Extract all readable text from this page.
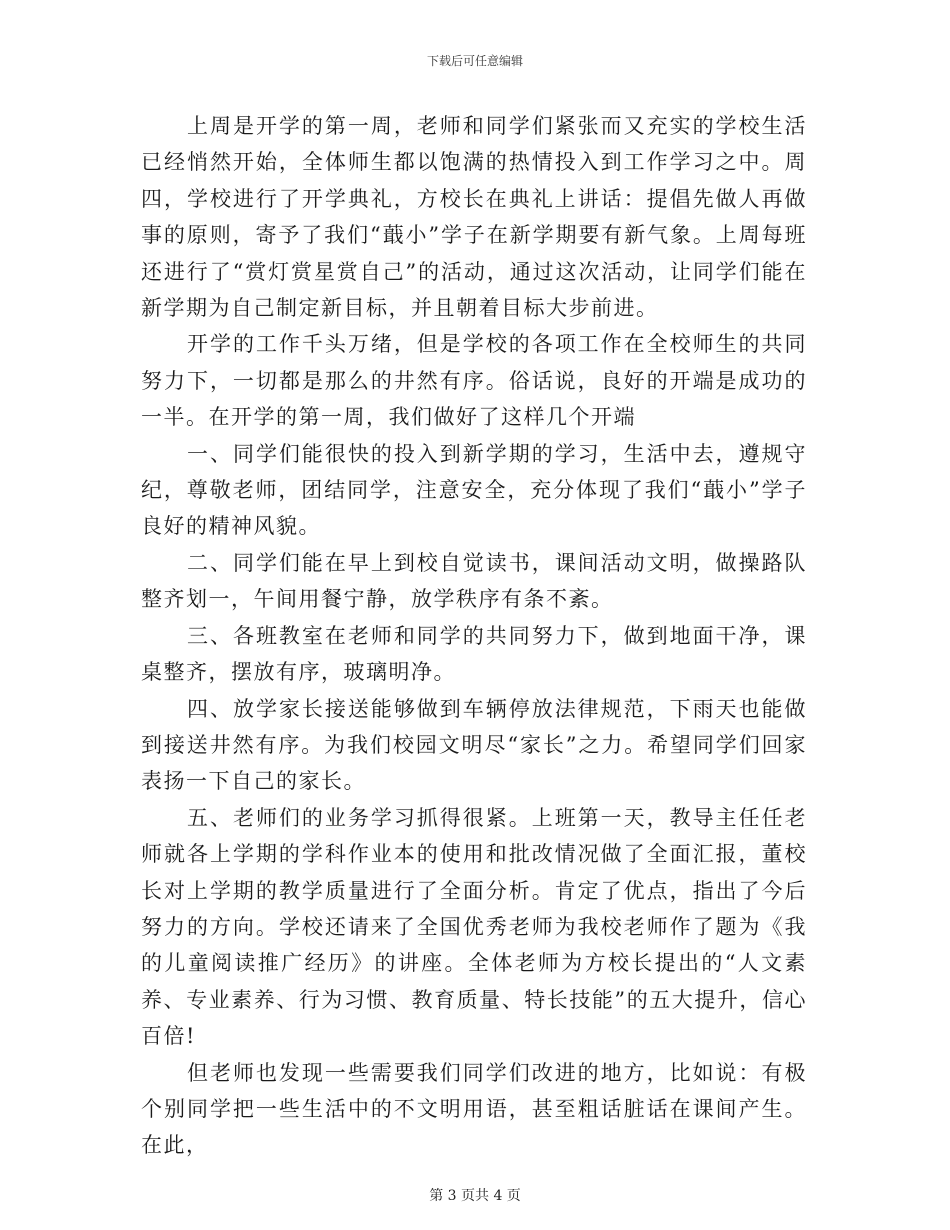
下载后可任意编辑

上周是开学的第一周，老师和同学们紧张而又充实的学校生活已经悄然开始，全体师生都以饱满的热情投入到工作学习之中。周四，学校进行了开学典礼，方校长在典礼上讲话：提倡先做人再做事的原则，寄予了我们“蕺小”学子在新学期要有新气象。上周每班还进行了“赏灯赏星赏自己”的活动，通过这次活动，让同学们能在新学期为自己制定新目标，并且朝着目标大步前进。

开学的工作千头万绪，但是学校的各项工作在全校师生的共同努力下，一切都是那么的井然有序。俗话说，良好的开端是成功的一半。在开学的第一周，我们做好了这样几个开端

一、同学们能很快的投入到新学期的学习，生活中去，遵规守纪，尊敬老师，团结同学，注意安全，充分体现了我们“蕺小”学子良好的精神风貌。

二、同学们能在早上到校自觉读书，课间活动文明，做操路队整齐划一，午间用餐宁静，放学秩序有条不紊。

三、各班教室在老师和同学的共同努力下，做到地面干净，课桌整齐，摆放有序，玻璃明净。

四、放学家长接送能够做到车辆停放法律规范，下雨天也能做到接送井然有序。为我们校园文明尽“家长”之力。希望同学们回家表扬一下自己的家长。

五、老师们的业务学习抓得很紧。上班第一天，教导主任任老师就各上学期的学科作业本的使用和批改情况做了全面汇报，董校长对上学期的教学质量进行了全面分析。肯定了优点，指出了今后努力的方向。学校还请来了全国优秀老师为我校老师作了题为《我的儿童阅读推广经历》的讲座。全体老师为方校长提出的“人文素养、专业素养、行为习惯、教育质量、特长技能”的五大提升，信心百倍!

但老师也发现一些需要我们同学们改进的地方，比如说：有极个别同学把一些生活中的不文明用语，甚至粗话脏话在课间产生。在此，

第 3 页共 4 页
